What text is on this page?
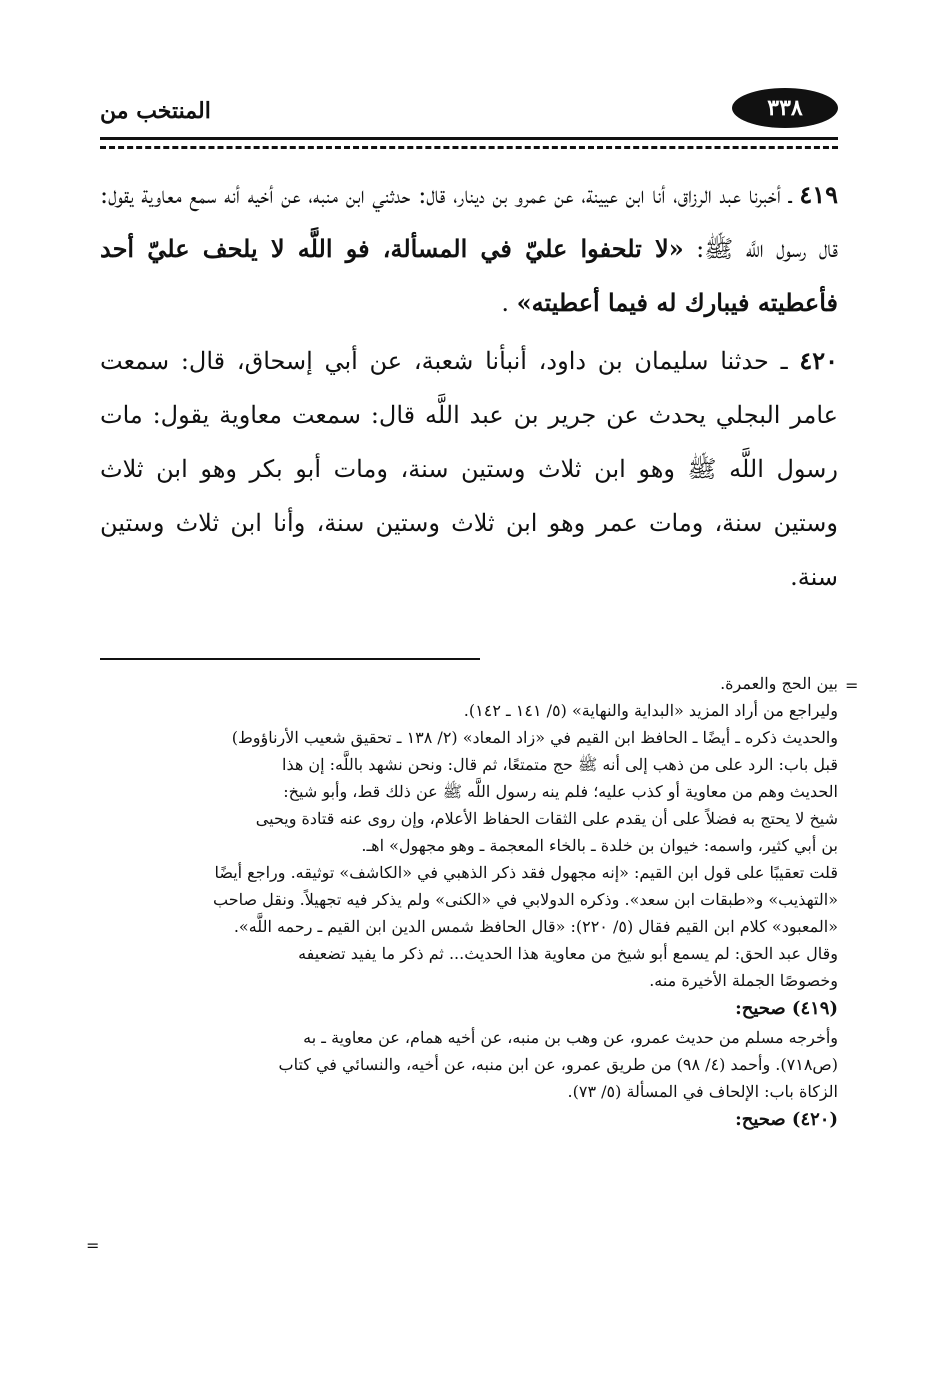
٣٣٨
المنتخب من

٤١٩ ـ أخبرنا عبد الرزاق، أنا ابن عيينة، عن عمرو بن دينار، قال: حدثني ابن منبه، عن أخيه أنه سمع معاوية يقول: قال رسول اللَّه ﷺ: «لا تلحفوا عليّ في المسألة، فو اللَّه لا يلحف عليّ أحد فأعطيته فيبارك له فيما أعطيته» .

٤٢٠ ـ حدثنا سليمان بن داود، أنبأنا شعبة، عن أبي إسحاق، قال: سمعت عامر البجلي يحدث عن جرير بن عبد اللَّه قال: سمعت معاوية يقول: مات رسول اللَّه ﷺ وهو ابن ثلاث وستين سنة، ومات أبو بكر وهو ابن ثلاث وستين سنة، ومات عمر وهو ابن ثلاث وستين سنة، وأنا ابن ثلاث وستين سنة.

=
=

بين الحج والعمرة.

وليراجع من أراد المزيد «البداية والنهاية» (٥/ ١٤١ ـ ١٤٢).

والحديث ذكره ـ أيضًا ـ الحافظ ابن القيم في «زاد المعاد» (٢/ ١٣٨ ـ تحقيق شعيب الأرناؤوط)

قبل باب: الرد على من ذهب إلى أنه ﷺ حج متمتعًا، ثم قال: ونحن نشهد باللَّه: إن هذا

الحديث وهم من معاوية أو كذب عليه؛ فلم ينه رسول اللَّه ﷺ عن ذلك قط، وأبو شيخ:

شيخ لا يحتج به فضلاً على أن يقدم على الثقات الحفاظ الأعلام، وإن روى عنه قتادة ويحيى

بن أبي كثير، واسمه: خيوان بن خلدة ـ بالخاء المعجمة ـ وهو مجهول» اهـ.

قلت تعقيبًا على قول ابن القيم: «إنه مجهول فقد ذكر الذهبي في «الكاشف» توثيقه. وراجع أيضًا

«التهذيب» و«طبقات ابن سعد». وذكره الدولابي في «الكنى» ولم يذكر فيه تجهيلاً. ونقل صاحب

«المعبود» كلام ابن القيم فقال (٥/ ٢٢٠): «قال الحافظ شمس الدين ابن القيم ـ رحمه اللَّه».

وقال عبد الحق: لم يسمع أبو شيخ من معاوية هذا الحديث... ثم ذكر ما يفيد تضعيفه

وخصوصًا الجملة الأخيرة منه.

(٤١٩) صحيح:

وأخرجه مسلم من حديث عمرو، عن وهب بن منبه، عن أخيه همام، عن معاوية ـ به

(ص٧١٨). وأحمد (٤/ ٩٨) من طريق عمرو، عن ابن منبه، عن أخيه، والنسائي في كتاب

الزكاة باب: الإلحاف في المسألة (٥/ ٧٣).

(٤٢٠) صحيح:
